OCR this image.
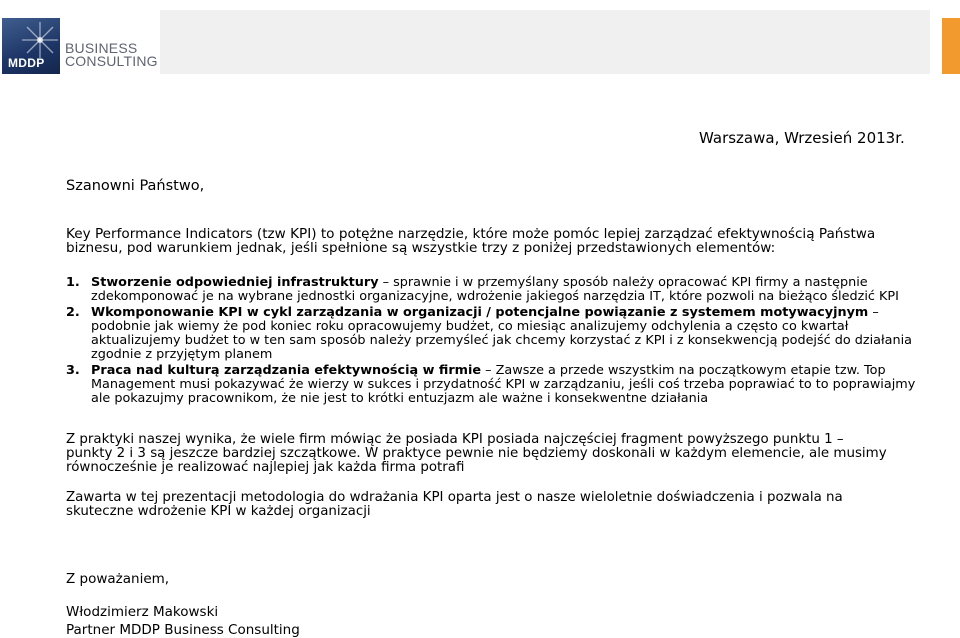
MDDP
BUSINESS
CONSULTING
Warszawa, Wrzesień 2013r.
Szanowni Państwo,
Key Performance Indicators (tzw KPI) to potężne narzędzie, które może pomóc lepiej zarządzać efektywnością Państwa
biznesu, pod warunkiem jednak, jeśli spełnione są wszystkie trzy z poniżej przedstawionych elementów:
1. Stworzenie odpowiedniej infrastruktury – sprawnie i w przemyślany sposób należy opracować KPI firmy a następnie zdekomponować je na wybrane jednostki organizacyjne, wdrożenie jakiegoś narzędzia IT, które pozwoli na bieżąco śledzić KPI
2. Wkomponowanie KPI w cykl zarządzania w organizacji / potencjalne powiązanie z systemem motywacyjnym – podobnie jak wiemy że pod koniec roku opracowujemy budżet, co miesiąc analizujemy odchylenia a często co kwartał aktualizujemy budżet to w ten sam sposób należy przemyśleć jak chcemy korzystać z KPI i z konsekwencją podejść do działania zgodnie z przyjętym planem
3. Praca nad kulturą zarządzania efektywnością w firmie – Zawsze a przede wszystkim na początkowym etapie tzw. Top Management musi pokazywać że wierzy w sukces i przydatność KPI w zarządzaniu, jeśli coś trzeba poprawiać to to poprawiajmy ale pokazujmy pracownikom, że nie jest to krótki entuzjazm ale ważne i konsekwentne działania
Z praktyki naszej wynika, że wiele firm mówiąc że posiada KPI posiada najczęściej fragment powyższego punktu 1 –
punkty 2 i 3 są jeszcze bardziej szczątkowe. W praktyce pewnie nie będziemy doskonali w każdym elemencie, ale musimy
równocześnie je realizować najlepiej jak każda firma potrafi
Zawarta w tej prezentacji metodologia do wdrażania KPI oparta jest o nasze wieloletnie doświadczenia i pozwala na
skuteczne wdrożenie KPI w każdej organizacji
Z poważaniem,
Włodzimierz Makowski
Partner MDDP Business Consulting
